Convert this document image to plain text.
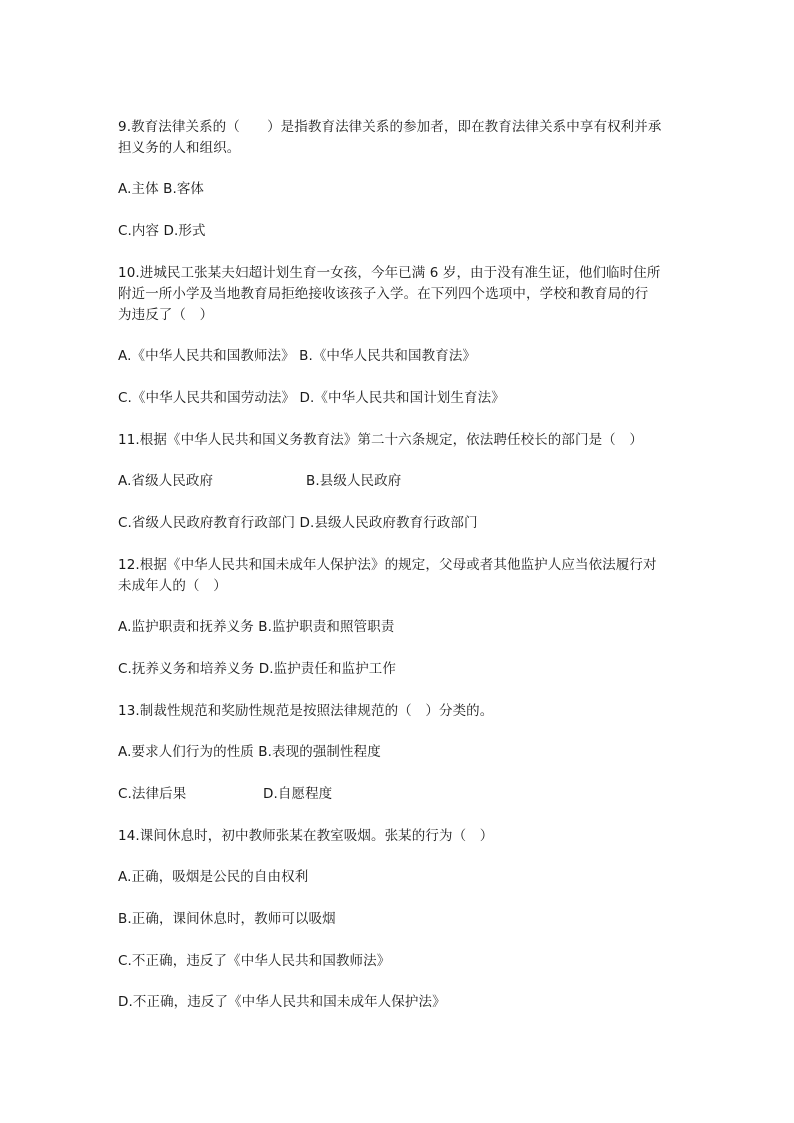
9.教育法律关系的（　　）是指教育法律关系的参加者，即在教育法律关系中享有权利并承
担义务的人和组织。
A.主体 B.客体
C.内容 D.形式
10.进城民工张某夫妇超计划生育一女孩，今年已满 6 岁，由于没有准生证，他们临时住所
附近一所小学及当地教育局拒绝接收该孩子入学。在下列四个选项中，学校和教育局的行
为违反了（　）
A.《中华人民共和国教师法》 B.《中华人民共和国教育法》
C.《中华人民共和国劳动法》 D.《中华人民共和国计划生育法》
11.根据《中华人民共和国义务教育法》第二十六条规定，依法聘任校长的部门是（　）
A.省级人民政府	B.县级人民政府
C.省级人民政府教育行政部门 D.县级人民政府教育行政部门
12.根据《中华人民共和国未成年人保护法》的规定，父母或者其他监护人应当依法履行对
未成年人的（　）
A.监护职责和抚养义务 B.监护职责和照管职责
C.抚养义务和培养义务 D.监护责任和监护工作
13.制裁性规范和奖励性规范是按照法律规范的（　）分类的。
A.要求人们行为的性质 B.表现的强制性程度
C.法律后果	D.自愿程度
14.课间休息时，初中教师张某在教室吸烟。张某的行为（　）
A.正确，吸烟是公民的自由权利
B.正确，课间休息时，教师可以吸烟
C.不正确，违反了《中华人民共和国教师法》
D.不正确，违反了《中华人民共和国未成年人保护法》
